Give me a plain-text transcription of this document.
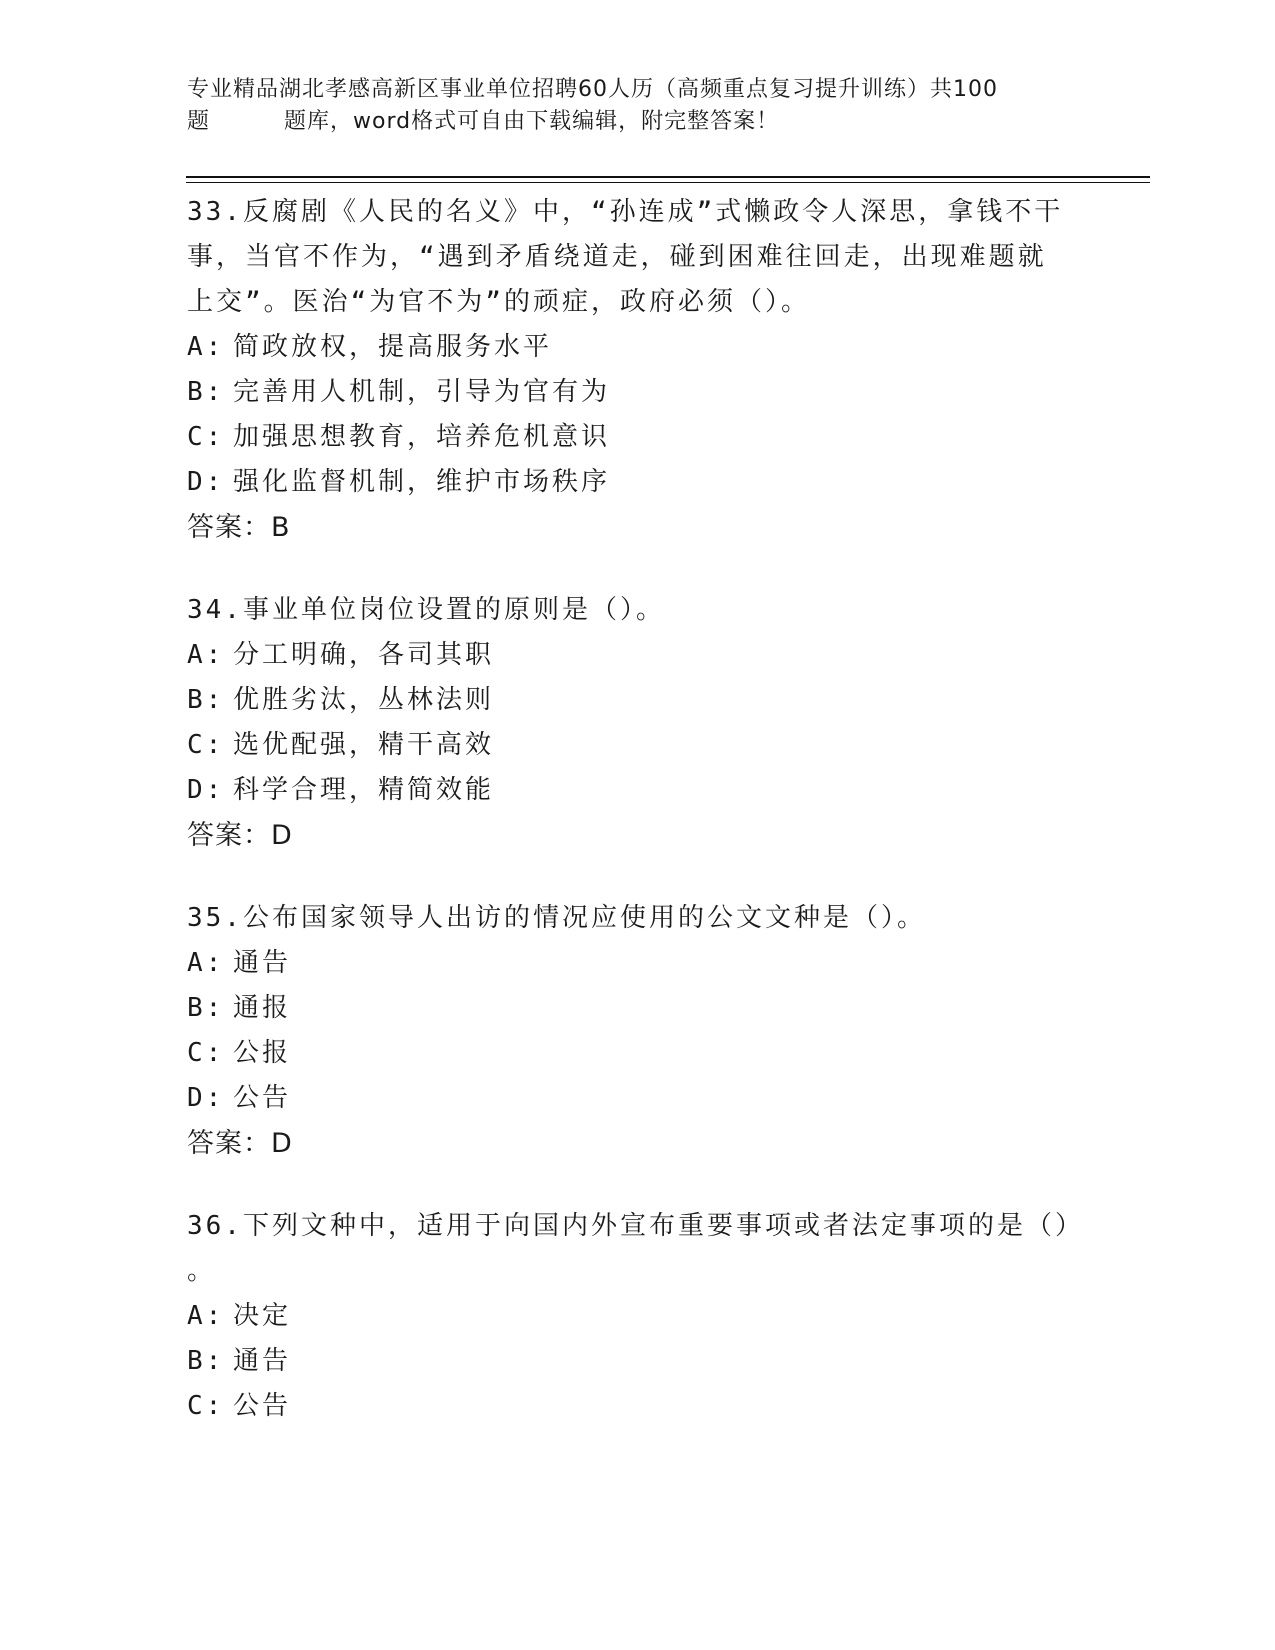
专业精品湖北孝感高新区事业单位招聘60人历（高频重点复习提升训练）共100
题	题库，word格式可自由下载编辑，附完整答案！
33.反腐剧《人民的名义》中，“孙连成”式懒政令人深思，拿钱不干
事，当官不作为，“遇到矛盾绕道走，碰到困难往回走，出现难题就
上交”。医治“为官不为”的顽症，政府必须（）。
A: 简政放权，提高服务水平
B: 完善用人机制，引导为官有为
C: 加强思想教育，培养危机意识
D: 强化监督机制，维护市场秩序
答案：B
34.事业单位岗位设置的原则是（）。
A: 分工明确，各司其职
B: 优胜劣汰，丛林法则
C: 选优配强，精干高效
D: 科学合理，精简效能
答案：D
35.公布国家领导人出访的情况应使用的公文文种是（）。
A: 通告
B: 通报
C: 公报
D: 公告
答案：D
36.下列文种中，适用于向国内外宣布重要事项或者法定事项的是（）
。
A: 决定
B: 通告
C: 公告
